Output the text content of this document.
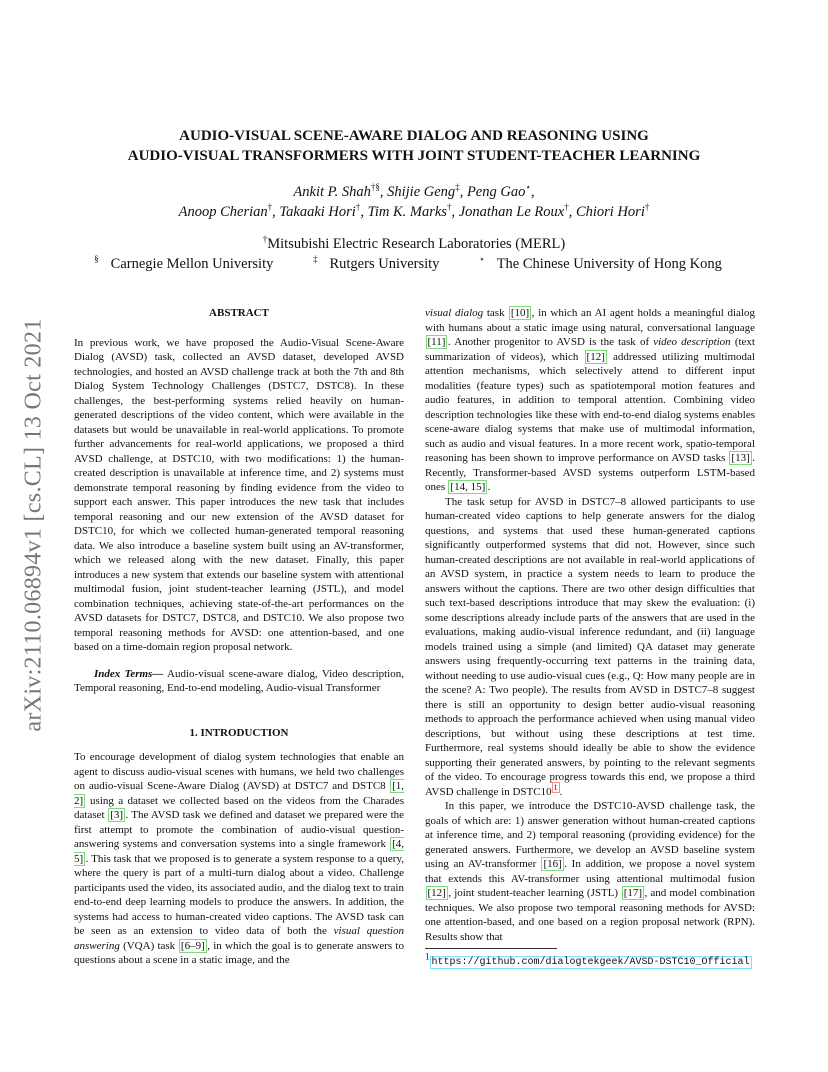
arXiv:2110.06894v1 [cs.CL] 13 Oct 2021
AUDIO-VISUAL SCENE-AWARE DIALOG AND REASONING USING
AUDIO-VISUAL TRANSFORMERS WITH JOINT STUDENT-TEACHER LEARNING
Ankit P. Shah†§, Shijie Geng‡, Peng Gao⋆,
Anoop Cherian†, Takaaki Hori†, Tim K. Marks†, Jonathan Le Roux†, Chiori Hori†
†Mitsubishi Electric Research Laboratories (MERL)
§ Carnegie Mellon University	‡ Rutgers University	⋆ The Chinese University of Hong Kong
ABSTRACT

In previous work, we have proposed the Audio-Visual Scene-Aware Dialog (AVSD) task, collected an AVSD dataset, developed AVSD technologies, and hosted an AVSD challenge track at both the 7th and 8th Dialog System Technology Challenges (DSTC7, DSTC8). In these challenges, the best-performing systems relied heavily on human-generated descriptions of the video content, which were available in the datasets but would be unavailable in real-world applications. To promote further advancements for real-world applications, we proposed a third AVSD challenge, at DSTC10, with two modifications: 1) the human-created description is unavailable at inference time, and 2) systems must demonstrate temporal reasoning by finding evidence from the video to support each answer. This paper introduces the new task that includes temporal reasoning and our new extension of the AVSD dataset for DSTC10, for which we collected human-generated temporal reasoning data. We also introduce a baseline system built using an AV-transformer, which we released along with the new dataset. Finally, this paper introduces a new system that extends our baseline system with attentional multimodal fusion, joint student-teacher learning (JSTL), and model combination techniques, achieving state-of-the-art performances on the AVSD datasets for DSTC7, DSTC8, and DSTC10. We also propose two temporal reasoning methods for AVSD: one attention-based, and one based on a time-domain region proposal network.

Index Terms— Audio-visual scene-aware dialog, Video description, Temporal reasoning, End-to-end modeling, Audio-visual Transformer

1. INTRODUCTION

To encourage development of dialog system technologies that enable an agent to discuss audio-visual scenes with humans, we held two challenges on audio-visual Scene-Aware Dialog (AVSD) at DSTC7 and DSTC8 [1, 2] using a dataset we collected based on the videos from the Charades dataset [3] . The AVSD task we defined and dataset we prepared were the first attempt to promote the combination of audio-visual question-answering systems and conversation systems into a single framework [4, 5] . This task that we proposed is to generate a system response to a query, where the query is part of a multi-turn dialog about a video. Challenge participants used the video, its associated audio, and the dialog text to train end-to-end deep learning models to produce the answers. In addition, the systems had access to human-created video captions. The AVSD task can be seen as an extension to video data of both the visual question answering (VQA) task [6–9] , in which the goal is to generate answers to questions about a scene in a static image, and the

visual dialog task [10] , in which an AI agent holds a meaningful dialog with humans about a static image using natural, conversational language [11] . Another progenitor to AVSD is the task of video description (text summarization of videos), which [12] addressed utilizing multimodal attention mechanisms, which selectively attend to different input modalities (feature types) such as spatiotemporal motion features and audio features, in addition to temporal attention. Combining video description technologies like these with end-to-end dialog systems enables scene-aware dialog systems that make use of multimodal information, such as audio and visual features. In a more recent work, spatio-temporal reasoning has been shown to improve performance on AVSD tasks [13] . Recently, Transformer-based AVSD systems outperform LSTM-based ones [14, 15] .

The task setup for AVSD in DSTC7–8 allowed participants to use human-created video captions to help generate answers for the dialog questions, and systems that used these human-generated captions significantly outperformed systems that did not. However, since such human-created descriptions are not available in real-world applications of an AVSD system, in practice a system needs to learn to produce the answers without the captions. There are two other design difficulties that such text-based descriptions introduce that may skew the evaluation: (i) some descriptions already include parts of the answers that are used in the evaluations, making audio-visual inference redundant, and (ii) language models trained using a simple (and limited) QA dataset may generate answers using frequently-occurring text patterns in the training data, without needing to use audio-visual cues (e.g., Q: How many people are in the scene? A: Two people). The results from AVSD in DSTC7–8 suggest there is still an opportunity to design better audio-visual reasoning methods to approach the performance achieved when using manual video descriptions, but without using these descriptions at test time. Furthermore, real systems should ideally be able to show the evidence supporting their generated answers, by pointing to the relevant segments of the video. To encourage progress towards this end, we propose a third AVSD challenge in DSTC10 $^1$ .

In this paper, we introduce the DSTC10-AVSD challenge task, the goals of which are: 1) answer generation without human-created captions at inference time, and 2) temporal reasoning (providing evidence) for the generated answers. Furthermore, we develop an AVSD baseline system using an AV-transformer [16] . In addition, we propose a novel system that extends this AV-transformer using attentional multimodal fusion [12] , joint student-teacher learning (JSTL) [17] , and model combination techniques. We also propose two temporal reasoning methods for AVSD: one attention-based, and one based on a region proposal network (RPN). Results show that

$^1$https://github.com/dialogtekgeek/AVSD-DSTC10_Official
